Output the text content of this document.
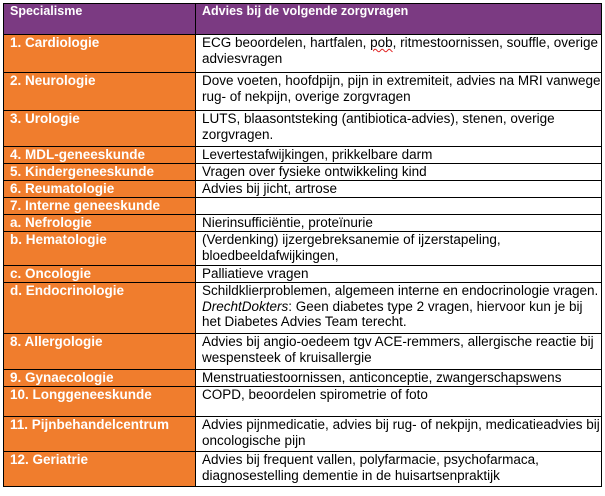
Specialisme	Advies bij de volgende zorgvragen
1. Cardiologie	ECG beoordelen, hartfalen, pob, ritmestoornissen, souffle, overige adviesvragen
2. Neurologie	Dove voeten, hoofdpijn, pijn in extremiteit, advies na MRI vanwege rug- of nekpijn, overige zorgvragen
3. Urologie	LUTS, blaasontsteking (antibiotica-advies), stenen, overige zorgvragen.
4. MDL-geneeskunde	Levertestafwijkingen, prikkelbare darm
5. Kindergeneeskunde	Vragen over fysieke ontwikkeling kind
6. Reumatologie	Advies bij jicht, artrose
7. Interne geneeskunde	
a. Nefrologie	Nierinsufficiëntie, proteïnurie
b. Hematologie	(Verdenking) ijzergebreksanemie of ijzerstapeling, bloedbeeldafwijkingen,
c. Oncologie	Palliatieve vragen
d. Endocrinologie	Schildklierproblemen, algemeen interne en endocrinologie vragen. DrechtDokters: Geen diabetes type 2 vragen, hiervoor kun je bij het Diabetes Advies Team terecht.
8. Allergologie	Advies bij angio-oedeem tgv ACE-remmers, allergische reactie bij wespensteek of kruisallergie
9. Gynaecologie	Menstruatiestoornissen, anticonceptie, zwangerschapswens
10. Longgeneeskunde	COPD, beoordelen spirometrie of foto
11. Pijnbehandelcentrum	Advies pijnmedicatie, advies bij rug- of nekpijn, medicatieadvies bij oncologische pijn
12. Geriatrie	Advies bij frequent vallen, polyfarmacie, psychofarmaca, diagnosestelling dementie in de huisartsenpraktijk
